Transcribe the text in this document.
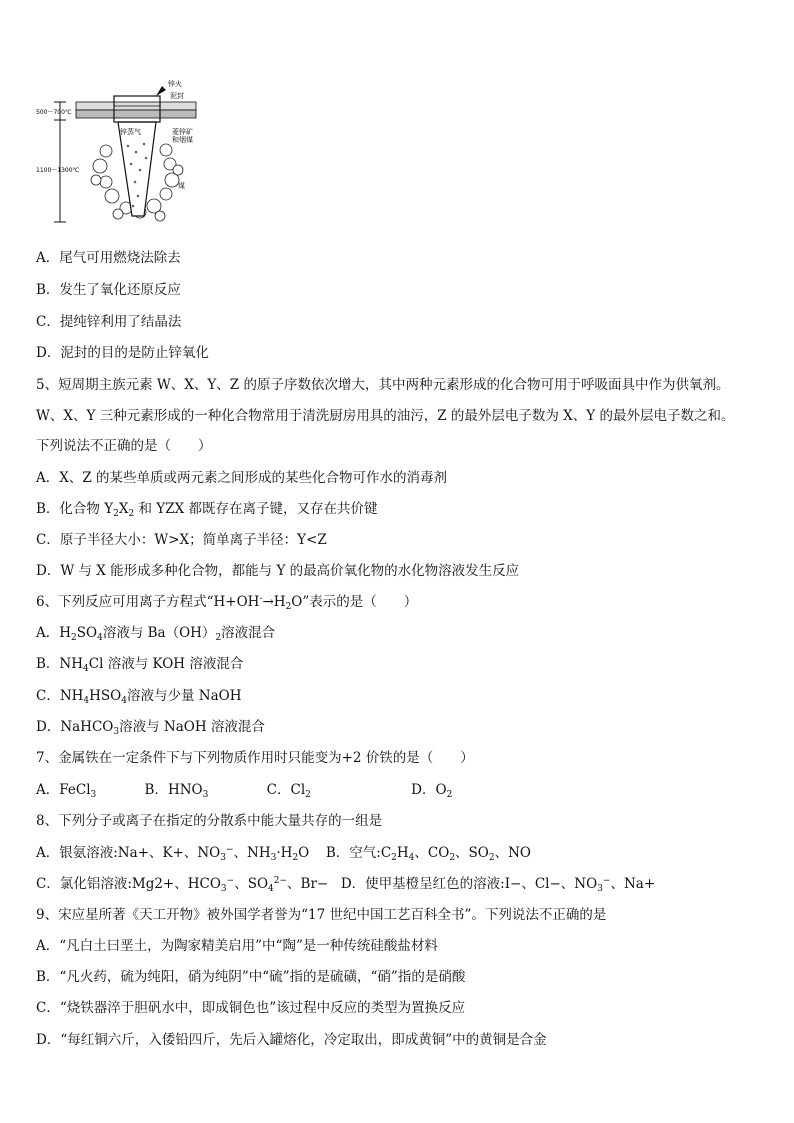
500～700℃
1100～1300℃
锌火
泥封
锌蒸气	菱锌矿
和烟煤
煤
A．尾气可用燃烧法除去
B．发生了氧化还原反应
C．提纯锌利用了结晶法
D．泥封的目的是防止锌氧化
5、短周期主族元素 W、X、Y、Z 的原子序数依次增大，其中两种元素形成的化合物可用于呼吸面具中作为供氧剂。
W、X、Y 三种元素形成的一种化合物常用于清洗厨房用具的油污，Z 的最外层电子数为 X、Y 的最外层电子数之和。
下列说法不正确的是（　　）
A．X、Z 的某些单质或两元素之间形成的某些化合物可作水的消毒剂
B．化合物 $Y_2X_2$ 和 YZX 都既存在离子键，又存在共价键
C．原子半径大小：W>X；简单离子半径：Y<Z
D．W 与 X 能形成多种化合物，都能与 Y 的最高价氧化物的水化物溶液发生反应
6、下列反应可用离子方程式“$H+OH^-\to H_2O$”表示的是（　　）
A．$H_2SO_4$溶液与 $Ba(OH)_2$溶液混合
B．$NH_4Cl$ 溶液与 KOH 溶液混合
C．$NH_4HSO_4$溶液与少量 NaOH
D．NaHCO$_3$溶液与 NaOH 溶液混合
7、金属铁在一定条件下与下列物质作用时只能变为+2 价铁的是（　　）
A．FeCl$_3$	B．$HNO_3$	C．$Cl_2$	D．$O_2$
8、下列分子或离子在指定的分散系中能大量共存的一组是
A．银氨溶液:Na+、K+、$NO_3^-$、$NH_3\cdot H_2O$ B．空气$:C_2H_4$、$CO_2$、$SO_2$、NO
C．氯化铝溶液:Mg2+、$HCO_3^-$、$SO_4^{2-}$、Br− D．使甲基橙呈红色的溶液:I−、Cl−、$NO_3^-$、Na+
9、宋应星所著《天工开物》被外国学者誉为“17 世纪中国工艺百科全书”。下列说法不正确的是
A．“凡白土曰垩土，为陶家精美启用”中“陶”是一种传统硅酸盐材料
B．“凡火药，硫为纯阳，硝为纯阴”中“硫”指的是硫磺，“硝”指的是硝酸
C．“烧铁器淬于胆矾水中，即成铜色也”该过程中反应的类型为置换反应
D．“每红铜六斤，入倭铅四斤，先后入罐熔化，冷定取出，即成黄铜”中的黄铜是合金
